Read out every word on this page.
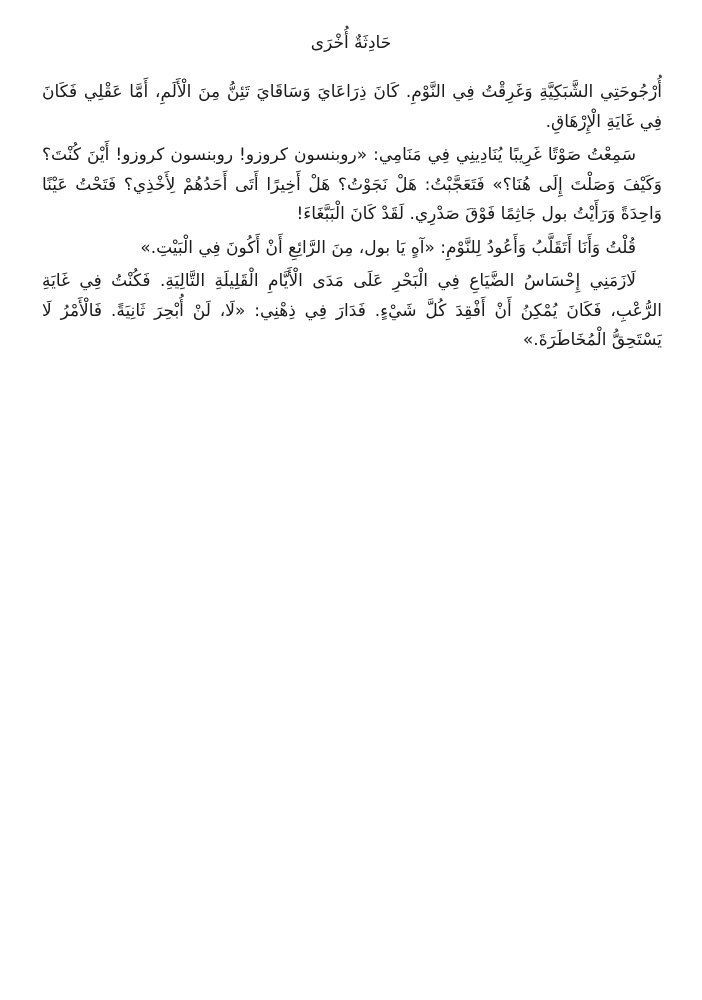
حَادِثَةٌ أُخْرَى

أُرْجُوحَتِي الشَّبَكِيَّةِ وَغَرِقْتُ فِي النَّوْمِ. كَانَ ذِرَاعَايَ وَسَاقَايَ تَئِنُّ مِنَ الْأَلَمِ، أَمَّا عَقْلِي فَكَانَ فِي غَايَةِ الْإِرْهَاقِ.

سَمِعْتُ صَوْتًا غَرِيبًا يُنَادِينِي فِي مَنَامِي: «روبنسون كروزو! روبنسون كروزو! أَيْنَ كُنْتَ؟ وَكَيْفَ وَصَلْتَ إِلَى هُنَا؟» فَتَعَجَّبْتُ: هَلْ نَجَوْتُ؟ هَلْ أَخِيرًا أَتَى أَحَدُهُمْ لِأَخْذِي؟ فَتَحْتُ عَيْنًا وَاحِدَةً وَرَأَيْتُ بول جَاثِمًا فَوْقَ صَدْرِي. لَقَدْ كَانَ الْبَبَّغَاءَ!

قُلْتُ وَأَنَا أَتَقَلَّبُ وَأَعُودُ لِلنَّوْمِ: «آهٍ يَا بول، مِنَ الرَّائِعِ أَنْ أَكُونَ فِي الْبَيْتِ.»

لَازَمَنِي إِحْسَاسُ الضَّيَاعِ فِي الْبَحْرِ عَلَى مَدَى الْأَيَّامِ الْقَلِيلَةِ التَّالِيَةِ. فَكُنْتُ فِي غَايَةِ الرُّعْبِ، فَكَانَ يُمْكِنُ أَنْ أَفْقِدَ كُلَّ شَيْءٍ. فَدَارَ فِي ذِهْنِي: «لَا، لَنْ أُبْحِرَ ثَانِيَةً. فَالْأَمْرُ لَا يَسْتَحِقُّ الْمُخَاطَرَةَ.»
